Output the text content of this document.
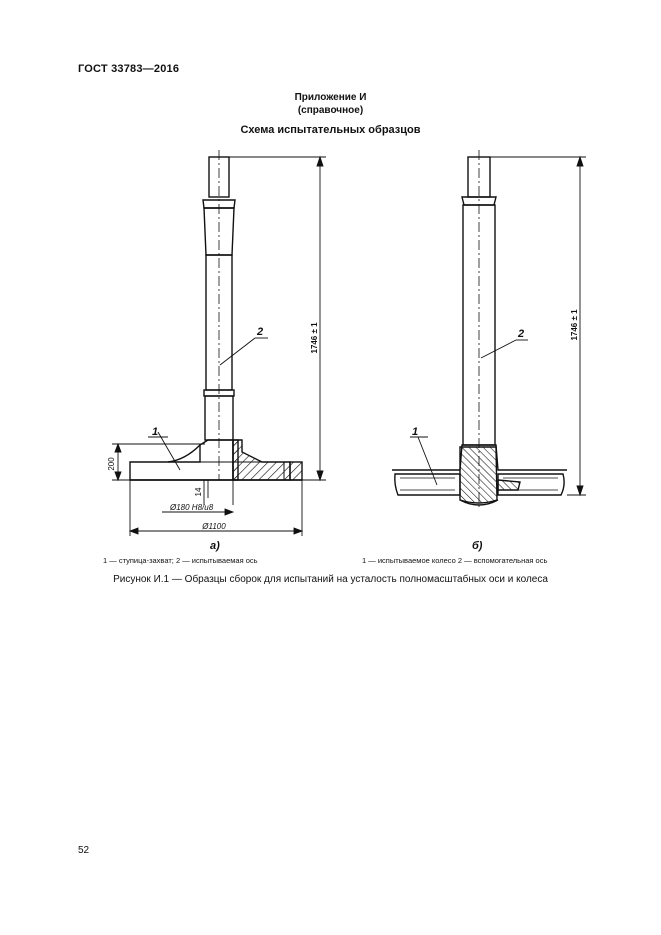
ГОСТ 33783—2016
Приложение И
(справочное)
Схема испытательных образцов
1746 ± 1
200
14
Ø180 H8/u8
Ø1100
1
2	1746 ± 1
1
2
а)	б)
1 — ступица-захват; 2 — испытываемая ось	1 — испытываемое колесо 2 — вспомогательная ось
Рисунок И.1 — Образцы сборок для испытаний на усталость полномасштабных оси и колеса
52
